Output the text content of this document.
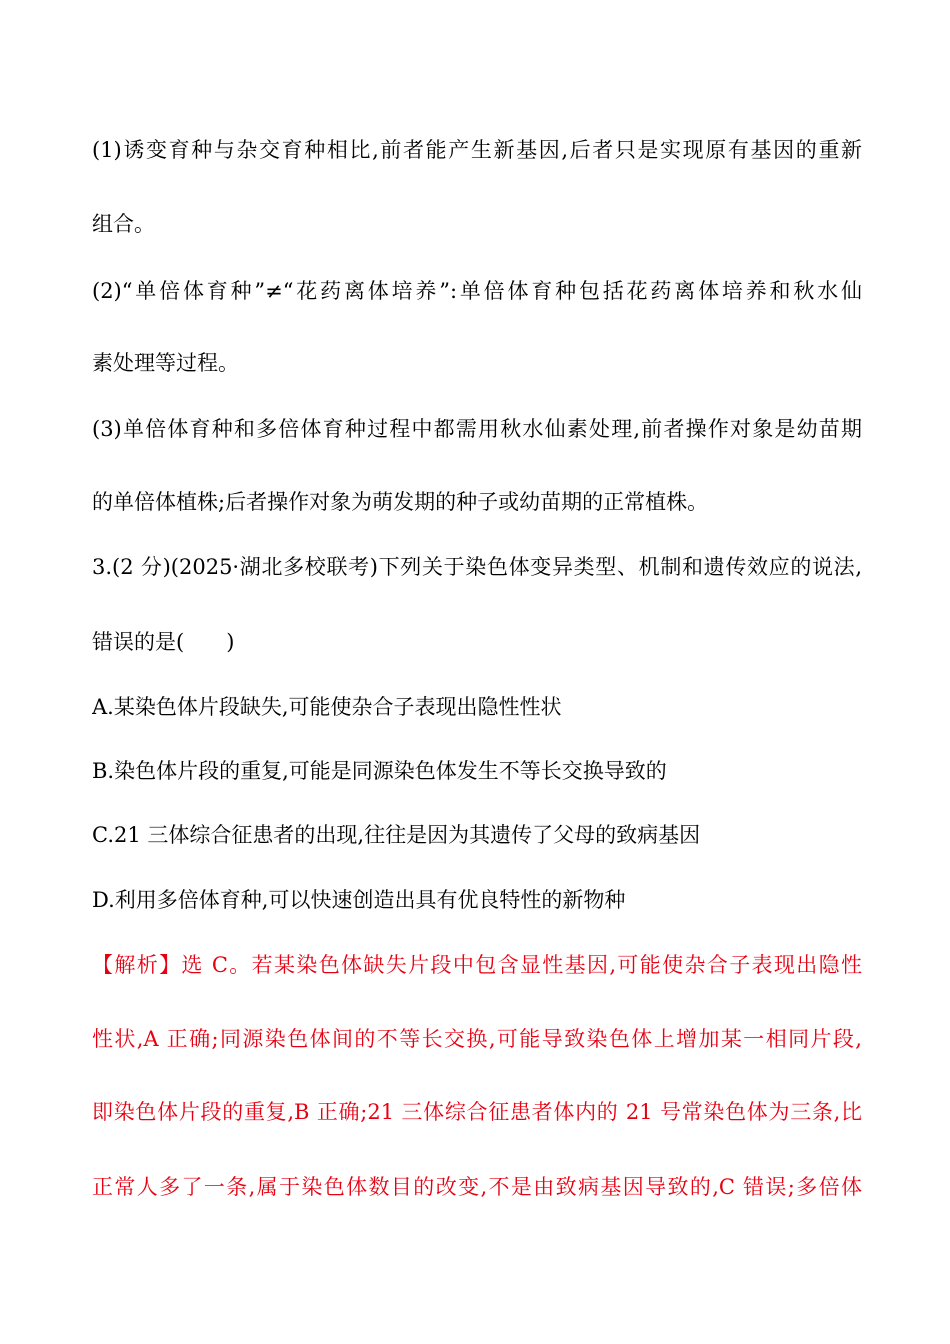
(1)诱变育种与杂交育种相比,前者能产生新基因,后者只是实现原有基因的重新
组合。
(2)“单倍体育种”≠“花药离体培养”:单倍体育种包括花药离体培养和秋水仙
素处理等过程。
(3)单倍体育种和多倍体育种过程中都需用秋水仙素处理,前者操作对象是幼苗期
的单倍体植株;后者操作对象为萌发期的种子或幼苗期的正常植株。
3.(2 分)(2025·湖北多校联考)下列关于染色体变异类型、机制和遗传效应的说法,
错误的是(　　)
A.某染色体片段缺失,可能使杂合子表现出隐性性状
B.染色体片段的重复,可能是同源染色体发生不等长交换导致的
C.21 三体综合征患者的出现,往往是因为其遗传了父母的致病基因
D.利用多倍体育种,可以快速创造出具有优良特性的新物种
【解析】选 C。若某染色体缺失片段中包含显性基因,可能使杂合子表现出隐性
性状,A 正确;同源染色体间的不等长交换,可能导致染色体上增加某一相同片段,
即染色体片段的重复,B 正确;21 三体综合征患者体内的 21 号常染色体为三条,比
正常人多了一条,属于染色体数目的改变,不是由致病基因导致的,C 错误;多倍体
